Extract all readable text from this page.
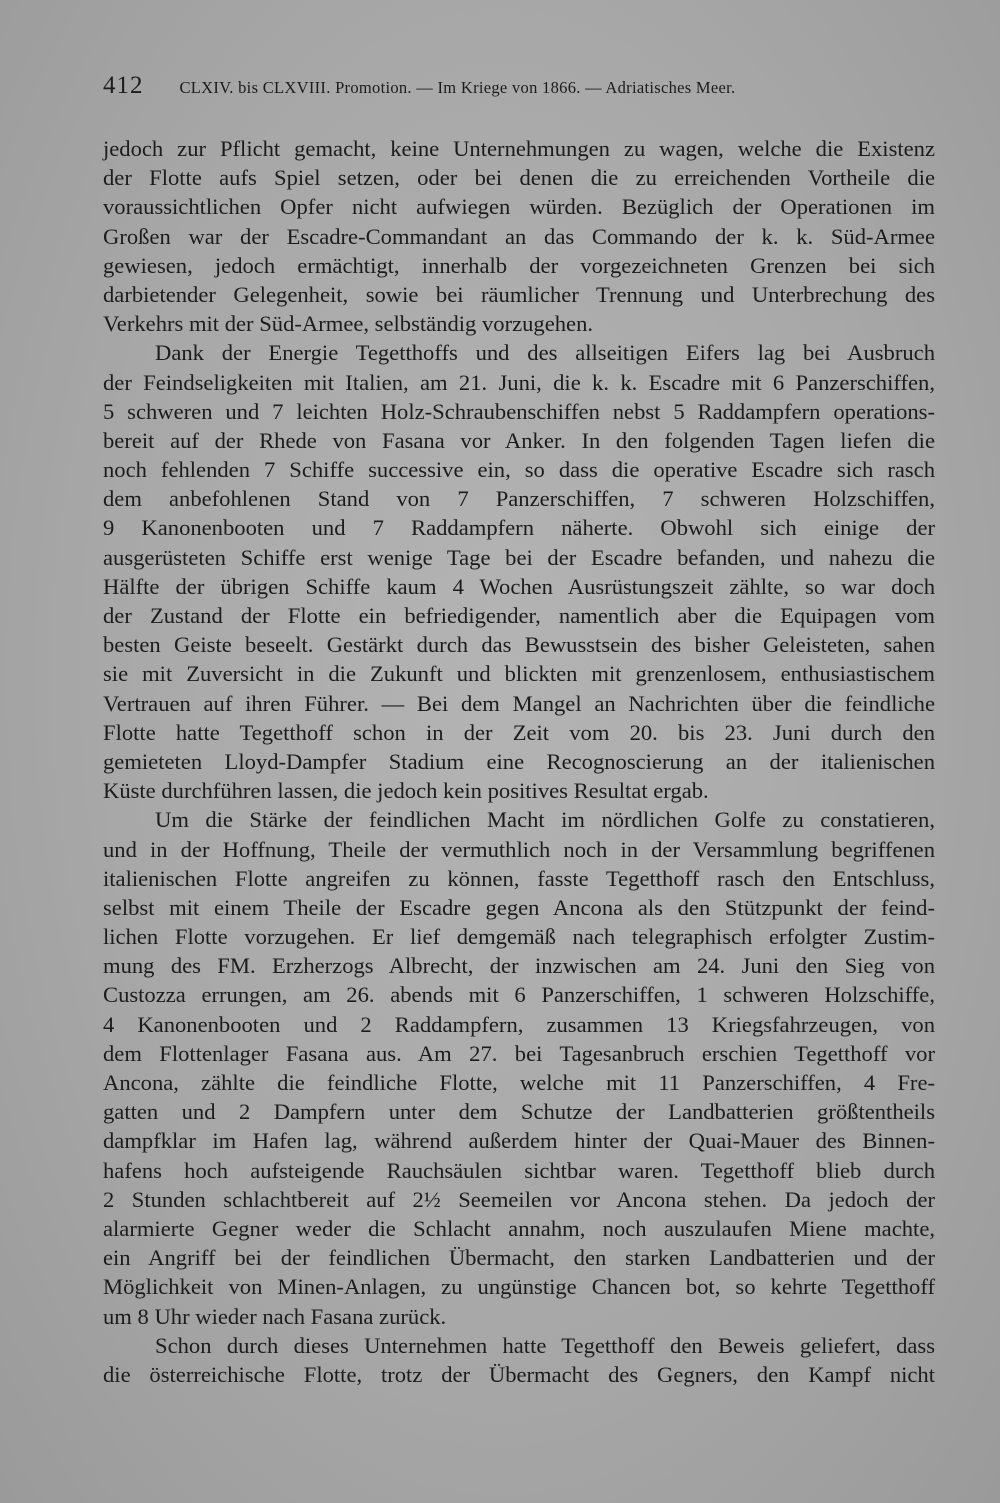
412 CLXIV. bis CLXVIII. Promotion. — Im Kriege von 1866. — Adriatisches Meer.
jedoch zur Pflicht gemacht, keine Unternehmungen zu wagen, welche die Existenz
der Flotte aufs Spiel setzen, oder bei denen die zu erreichenden Vortheile die
voraussichtlichen Opfer nicht aufwiegen würden. Bezüglich der Operationen im
Großen war der Escadre-Commandant an das Commando der k. k. Süd-Armee
gewiesen, jedoch ermächtigt, innerhalb der vorgezeichneten Grenzen bei sich
darbietender Gelegenheit, sowie bei räumlicher Trennung und Unterbrechung des
Verkehrs mit der Süd-Armee, selbständig vorzugehen.
Dank der Energie Tegetthoffs und des allseitigen Eifers lag bei Ausbruch
der Feindseligkeiten mit Italien, am 21. Juni, die k. k. Escadre mit 6 Panzerschiffen,
5 schweren und 7 leichten Holz-Schraubenschiffen nebst 5 Raddampfern operations-
bereit auf der Rhede von Fasana vor Anker. In den folgenden Tagen liefen die
noch fehlenden 7 Schiffe successive ein, so dass die operative Escadre sich rasch
dem anbefohlenen Stand von 7 Panzerschiffen, 7 schweren Holzschiffen,
9 Kanonenbooten und 7 Raddampfern näherte. Obwohl sich einige der
ausgerüsteten Schiffe erst wenige Tage bei der Escadre befanden, und nahezu die
Hälfte der übrigen Schiffe kaum 4 Wochen Ausrüstungszeit zählte, so war doch
der Zustand der Flotte ein befriedigender, namentlich aber die Equipagen vom
besten Geiste beseelt. Gestärkt durch das Bewusstsein des bisher Geleisteten, sahen
sie mit Zuversicht in die Zukunft und blickten mit grenzenlosem, enthusiastischem
Vertrauen auf ihren Führer. — Bei dem Mangel an Nachrichten über die feindliche
Flotte hatte Tegetthoff schon in der Zeit vom 20. bis 23. Juni durch den
gemieteten Lloyd-Dampfer Stadium eine Recognoscierung an der italienischen
Küste durchführen lassen, die jedoch kein positives Resultat ergab.
Um die Stärke der feindlichen Macht im nördlichen Golfe zu constatieren,
und in der Hoffnung, Theile der vermuthlich noch in der Versammlung begriffenen
italienischen Flotte angreifen zu können, fasste Tegetthoff rasch den Entschluss,
selbst mit einem Theile der Escadre gegen Ancona als den Stützpunkt der feind-
lichen Flotte vorzugehen. Er lief demgemäß nach telegraphisch erfolgter Zustim-
mung des FM. Erzherzogs Albrecht, der inzwischen am 24. Juni den Sieg von
Custozza errungen, am 26. abends mit 6 Panzerschiffen, 1 schweren Holzschiffe,
4 Kanonenbooten und 2 Raddampfern, zusammen 13 Kriegsfahrzeugen, von
dem Flottenlager Fasana aus. Am 27. bei Tagesanbruch erschien Tegetthoff vor
Ancona, zählte die feindliche Flotte, welche mit 11 Panzerschiffen, 4 Fre-
gatten und 2 Dampfern unter dem Schutze der Landbatterien größtentheils
dampfklar im Hafen lag, während außerdem hinter der Quai-Mauer des Binnen-
hafens hoch aufsteigende Rauchsäulen sichtbar waren. Tegetthoff blieb durch
2 Stunden schlachtbereit auf 2½ Seemeilen vor Ancona stehen. Da jedoch der
alarmierte Gegner weder die Schlacht annahm, noch auszulaufen Miene machte,
ein Angriff bei der feindlichen Übermacht, den starken Landbatterien und der
Möglichkeit von Minen-Anlagen, zu ungünstige Chancen bot, so kehrte Tegetthoff
um 8 Uhr wieder nach Fasana zurück.
Schon durch dieses Unternehmen hatte Tegetthoff den Beweis geliefert, dass
die österreichische Flotte, trotz der Übermacht des Gegners, den Kampf nicht
